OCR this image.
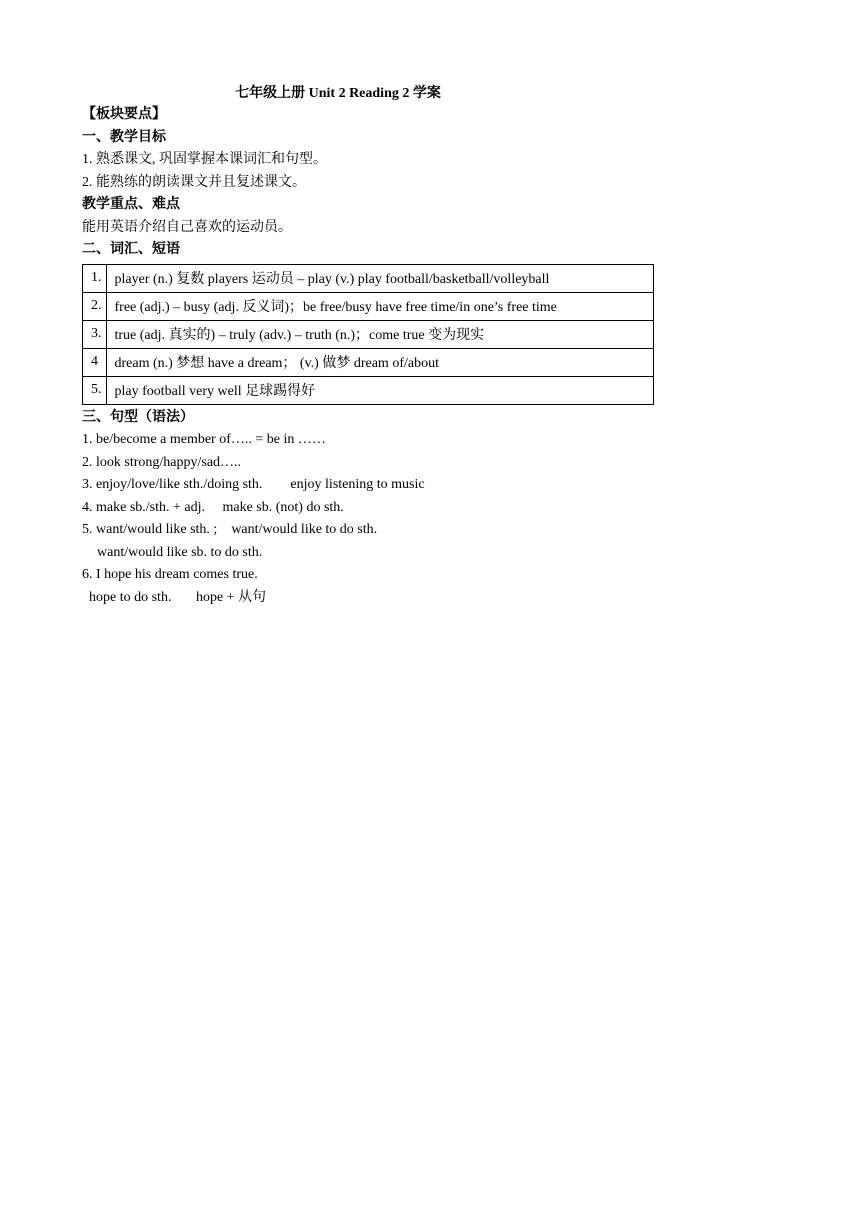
七年级上册 Unit 2 Reading 2 学案
【板块要点】
一、教学目标
1. 熟悉课文, 巩固掌握本课词汇和句型。
2. 能熟练的朗读课文并且复述课文。
教学重点、难点
能用英语介绍自己喜欢的运动员。
二、词汇、短语
1.	player (n.) 复数 players 运动员 – play (v.) play football/basketball/volleyball
2.	free (adj.) – busy (adj. 反义词)；be free/busy have free time/in one’s free time
3.	true (adj. 真实的) – truly (adv.) – truth (n.)；come true 变为现实
4	dream (n.) 梦想 have a dream； (v.) 做梦 dream of/about
5.	play football very well 足球踢得好
三、句型（语法）
1. be/become a member of….. = be in ……
2. look strong/happy/sad…..
3. enjoy/love/like sth./doing sth.        enjoy listening to music
4. make sb./sth. + adj.     make sb. (not) do sth.
5. want/would like sth. ;    want/would like to do sth.
want/would like sb. to do sth.
6. I hope his dream comes true.
hope to do sth.       hope + 从句
